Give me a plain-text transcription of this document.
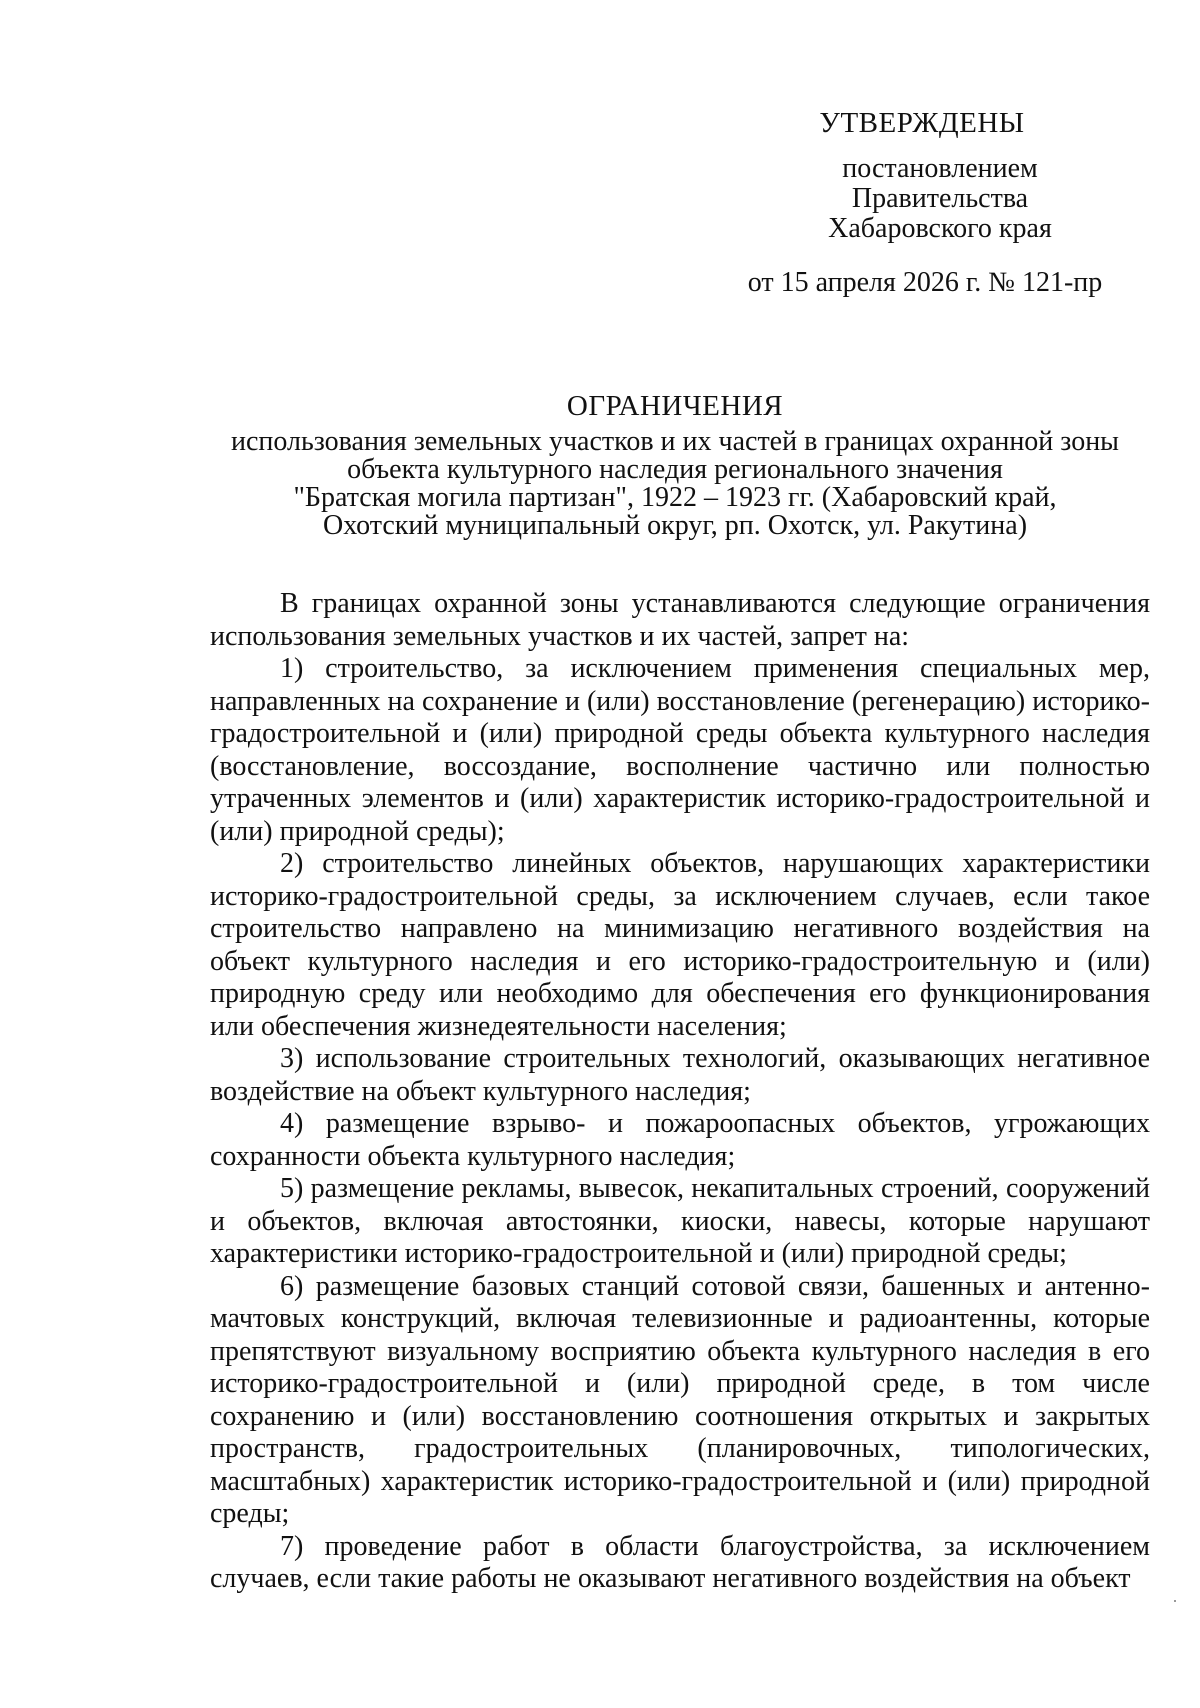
УТВЕРЖДЕНЫ
постановлением
Правительства
Хабаровского края
от 15 апреля 2026 г. № 121-пр
ОГРАНИЧЕНИЯ
использования земельных участков и их частей в границах охранной зоны
объекта культурного наследия регионального значения
"Братская могила партизан", 1922 – 1923 гг. (Хабаровский край,
Охотский муниципальный округ, рп. Охотск, ул. Ракутина)

В границах охранной зоны устанавливаются следующие ограничения использования земельных участков и их частей, запрет на:

1) строительство, за исключением применения специальных мер, направленных на сохранение и (или) восстановление (регенерацию) историко-градостроительной и (или) природной среды объекта культурного наследия (восстановление, воссоздание, восполнение частично или полностью утраченных элементов и (или) характеристик историко-градостроительной и (или) природной среды);

2) строительство линейных объектов, нарушающих характеристики историко-градостроительной среды, за исключением случаев, если такое строительство направлено на минимизацию негативного воздействия на объект культурного наследия и его историко-градостроительную и (или) природную среду или необходимо для обеспечения его функционирования или обеспечения жизнедеятельности населения;

3) использование строительных технологий, оказывающих негативное воздействие на объект культурного наследия;

4) размещение взрыво- и пожароопасных объектов, угрожающих сохранности объекта культурного наследия;

5) размещение рекламы, вывесок, некапитальных строений, сооружений и объектов, включая автостоянки, киоски, навесы, которые нарушают характеристики историко-градостроительной и (или) природной среды;

6) размещение базовых станций сотовой связи, башенных и антенно-мачтовых конструкций, включая телевизионные и радиоантенны, которые препятствуют визуальному восприятию объекта культурного наследия в его историко-градостроительной и (или) природной среде, в том числе сохранению и (или) восстановлению соотношения открытых и закрытых пространств, градостроительных (планировочных, типологических, масштабных) характеристик историко-градостроительной и (или) природной среды;

7) проведение работ в области благоустройства, за исключением случаев, если такие работы не оказывают негативного воздействия на объект
